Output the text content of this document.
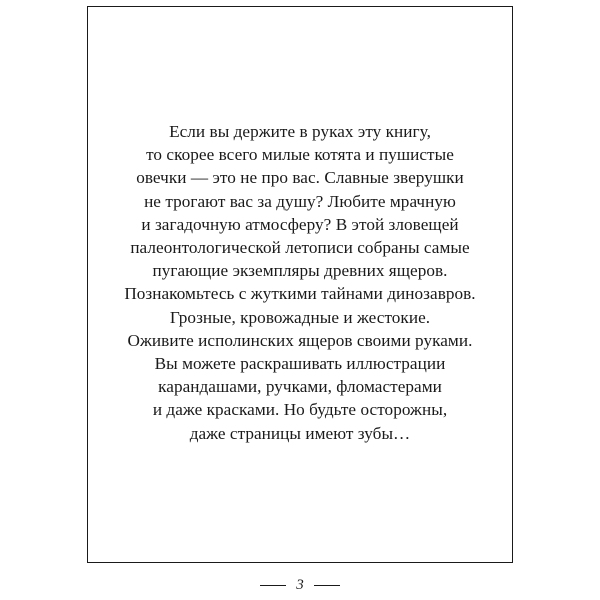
Если вы держите в руках эту книгу,
то скорее всего милые котята и пушистые
овечки — это не про вас. Славные зверушки
не трогают вас за душу? Любите мрачную
и загадочную атмосферу? В этой зловещей
палеонтологической летописи собраны самые
пугающие экземпляры древних ящеров.
Познакомьтесь с жуткими тайнами динозавров.
Грозные, кровожадные и жестокие.
Оживите исполинских ящеров своими руками.
Вы можете раскрашивать иллюстрации
карандашами, ручками, фломастерами
и даже красками. Но будьте осторожны,
даже страницы имеют зубы…
3
